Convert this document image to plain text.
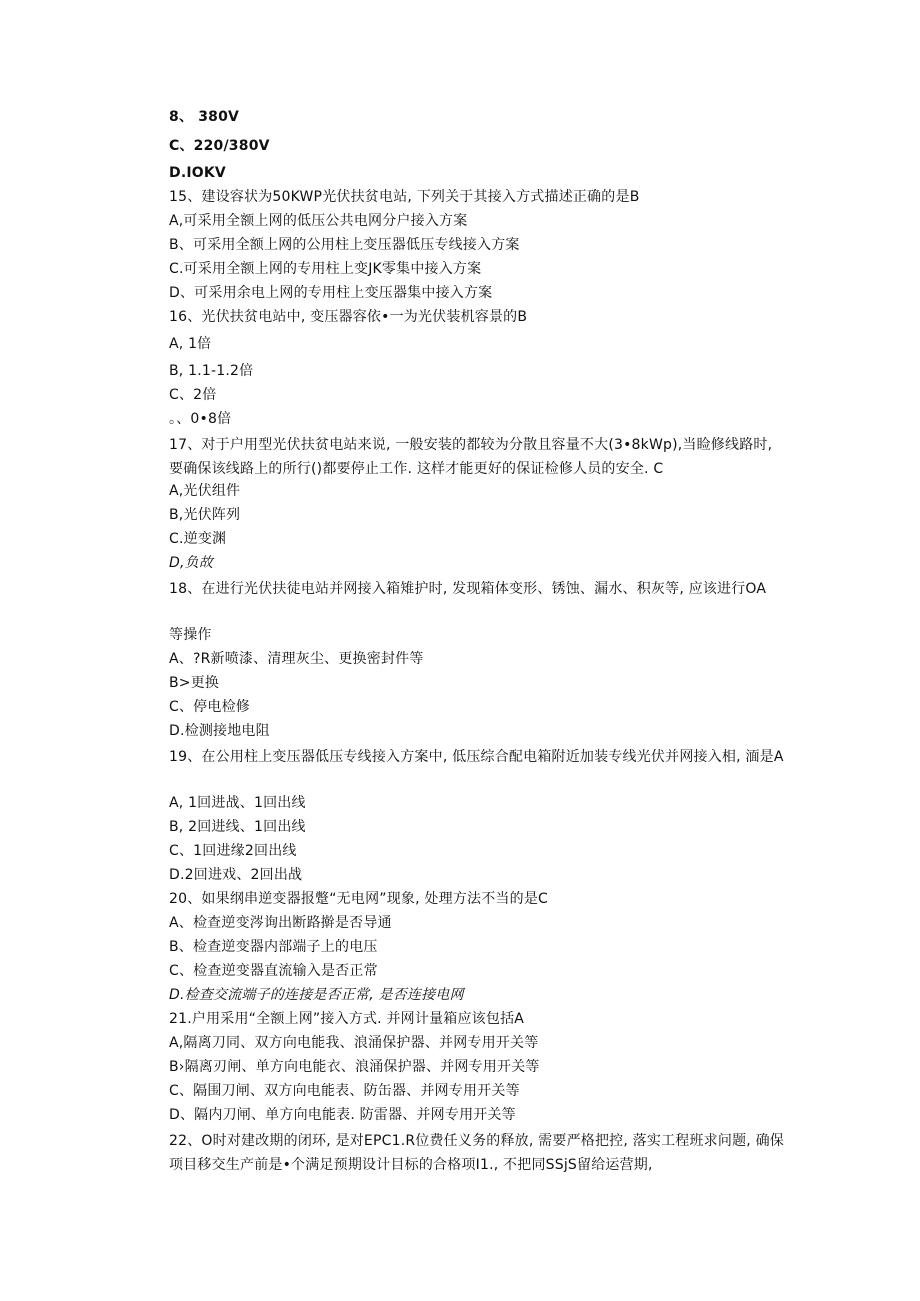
8、 380V
C、220/380V
D.IOKV
15、建设容状为50KWP光伏扶贫电站, 下列关于其接入方式描述正确的是B
A,可采用全额上网的低压公共电网分户接入方案
B、可采用全额上网的公用柱上变压器低压专线接入方案
C.可采用全额上网的专用柱上变JK零集中接入方案
D、可采用余电上网的专用柱上变压器集中接入方案
16、光伏扶贫电站中, 变压器容依•一为光伏装机容景的B
A, 1倍
B, 1.1-1.2倍
C、2倍
。、0•8倍
17、对于户用型光伏扶贫电站来说, 一般安装的都较为分散且容量不大(3•8kWp),当睑修线路时, 要确保该线路上的所行()都要停止工作. 这样才能更好的保证检修人员的安全. C
A,光伏组件
B,光伏阵列
C.逆变渊
D,负故
18、在进行光伏扶徒电站并网接入箱雉护时, 发现箱体变形、锈蚀、漏水、积灰等, 应该进行OA
等操作
A、?R新喷漆、清理灰尘、更换密封件等
B>更换
C、停电检修
D.检测接地电阻
19、在公用柱上变压器低压专线接入方案中, 低压综合配电箱附近加装专线光伏并网接入相, 湎是A
A, 1回进战、1回出线
B, 2回进线、1回出线
C、1回进缘2回出线
D.2回进戏、2回出战
20、如果纲串逆变器报蹩“无电网”现象, 处理方法不当的是C
A、检查逆变涔询出断路擀是否导通
B、检查逆变器内部端子上的电压
C、检查逆变器直流输入是否正常
D.检查交流端子的连接是否正常, 是否连接电网
21.户用采用“全额上网”接入方式. 并网计量箱应该包括A
A,隔离刀同、双方向电能我、浪涌保护器、并网专用开关等
B›隔离刃闸、单方向电能衣、浪涌保护器、并网专用开关等
C、隔围刀闸、双方向电能表、防缶器、并网专用开关等
D、隔内刀闸、单方向电能表. 防雷器、并网专用开关等
22、O时对建改期的闭环, 是对EPC1.R位费任义务的释放, 需要严格把控, 落实工程班求问题, 确保项目移交生产前是•个满足预期设计目标的合格项I1., 不把同SSjS留给运营期,
